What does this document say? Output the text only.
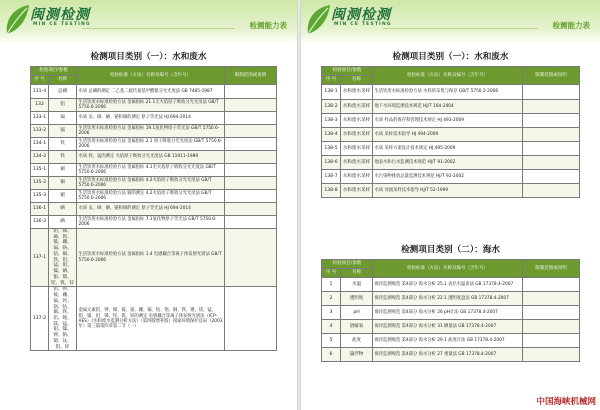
闽测检测
MIN CE TESTING	检测能力表
检测项目类别（一）：水和废水
检验项目/参数		检验标准（方法）名称及编号（含年号）	限制范围或说明
序 号	名称		
131-4	总磷	水质 总磷的测定 二乙基二硫代氨基甲酸银分光光度法 GB 7485-1987	
132	铝	生活饮用水标准检验方法 金属指标 21.1无火焰原子吸收分光光度法 GB/T 5750.6-2006	
133-1	镉	水质 汞、砷、硒、铋和锑的测定 原子荧光法 HJ 694-2014	
133-2	镉	生活饮用水标准检验方法 金属指标 19.1氢化物原子荧光法 GB/T 5750.6-2006	
134-1	铁	生活饮用水标准检验方法 金属指标 2.1 原子吸收分光光度法 GB/T 5750.6-2006	
134-2	铁	水质 铁、锰的测定 火焰原子吸收分光光度法 GB 11911-1989	
135-1	铜	生活饮用水标准检验方法 金属指标 4.1无火焰原子吸收分光光度法 GB/T 5750.6-2006	
135-2	铜	生活饮用水标准检验方法 金属指标 4.2火焰原子吸收分光光度法 GB/T 5750.6-2006	
135-3	铜	生活饮用水标准检验方法 铜的测定 4.2火焰原子吸收分光光度法 GB/T 5750.6-2006	
136-1	硒	水质 汞、砷、硒、铋和锑的测定 原子荧光法 HJ 694-2014	
136-2	硒	生活饮用水标准检验方法 金属指标 7.1氢化物原子荧光法 GB/T 5750.6-2006	
137-1	铝、锑、砷、钡、铍、硼、镉、铬、钴、铜、铁、铅、锰、钼、镍、硒、银、锶、铊、钒、锌	生活饮用水标准检验方法 金属指标 1.4 电感耦合等离子体发射光谱法 GB/T 5750.6-2006	
137-2	铝、钡、铍、硼、镉、钙、铬、钴、铜、铁、铅、锂、镁、锰、钼、镍、钾、钠、锶、钛、钒、锌	金属元素铝、钾、锑、铍、铋、硼、镉、钴、铬、铜、铁、锂、镁、锰、钼、镍、铅、锑、铊、钒、锌的测定 电感耦合等离子体发射光谱法（ICP-AES）《水和废水监测分析方法》（第四版增补版）国家环境保护总局（2003年）第三篇第四章第二节（一）	
闽测检测
MIN CE TESTING	检测能力表
检测项目类别（一）：水和废水
检验项目/参数		检验标准（方法）名称及编号（含年号）	限制范围或说明
序 号	名称		
138-1	水和废水采样	生活饮用水标准检验方法 水样的采集与保存 GB/T 5750.2-2006	
138-2	水和废水采样	地下水环境监测技术规范 HJ/T 164-2004	
138-3	水和废水采样	水质 样品的保存和管理技术规定 HJ 493-2009	
138-4	水和废水采样	水质 采样技术指导 HJ 494-2009	
138-5	水和废水采样	水质 采样方案设计技术规定 HJ 495-2009	
138-6	水和废水采样	地表水和污水监测技术规范 HJ/T 91-2002	
138-7	水和废水采样	水污染物排放总量监测技术规范 HJ/T 92-2002	
138-8	水和废水采样	水质 河流采样技术指导 HJ/T 52-1999	
检测项目类别（二）：海水
检验项目/参数		检验标准（方法）名称及编号（含年号）	限制范围或说明
序 号	名称		
1	水温	海洋监测规范 第4部分 海水分析 25.1 表层水温表法 GB 17378.4-2007	
2	透明度	海洋监测规范 第4部分 海水分析 22.1 透明度盘法 GB 17378.4-2007	
3	pH	海洋监测规范 第4部分 海水分析 26 pH计法 GB 17378.4-2007	
4	溶解氧	海洋监测规范 第4部分 海水分析 31 碘量法 GB 17378.4-2007	
5	盐度	海洋监测规范 第4部分 海水分析 29.1 盐度计法 GB 17378.4-2007	
6	悬浮物	海洋监测规范 第4部分 海水分析 27 重量法 GB 17378.4-2007	
中国海峡机械网
